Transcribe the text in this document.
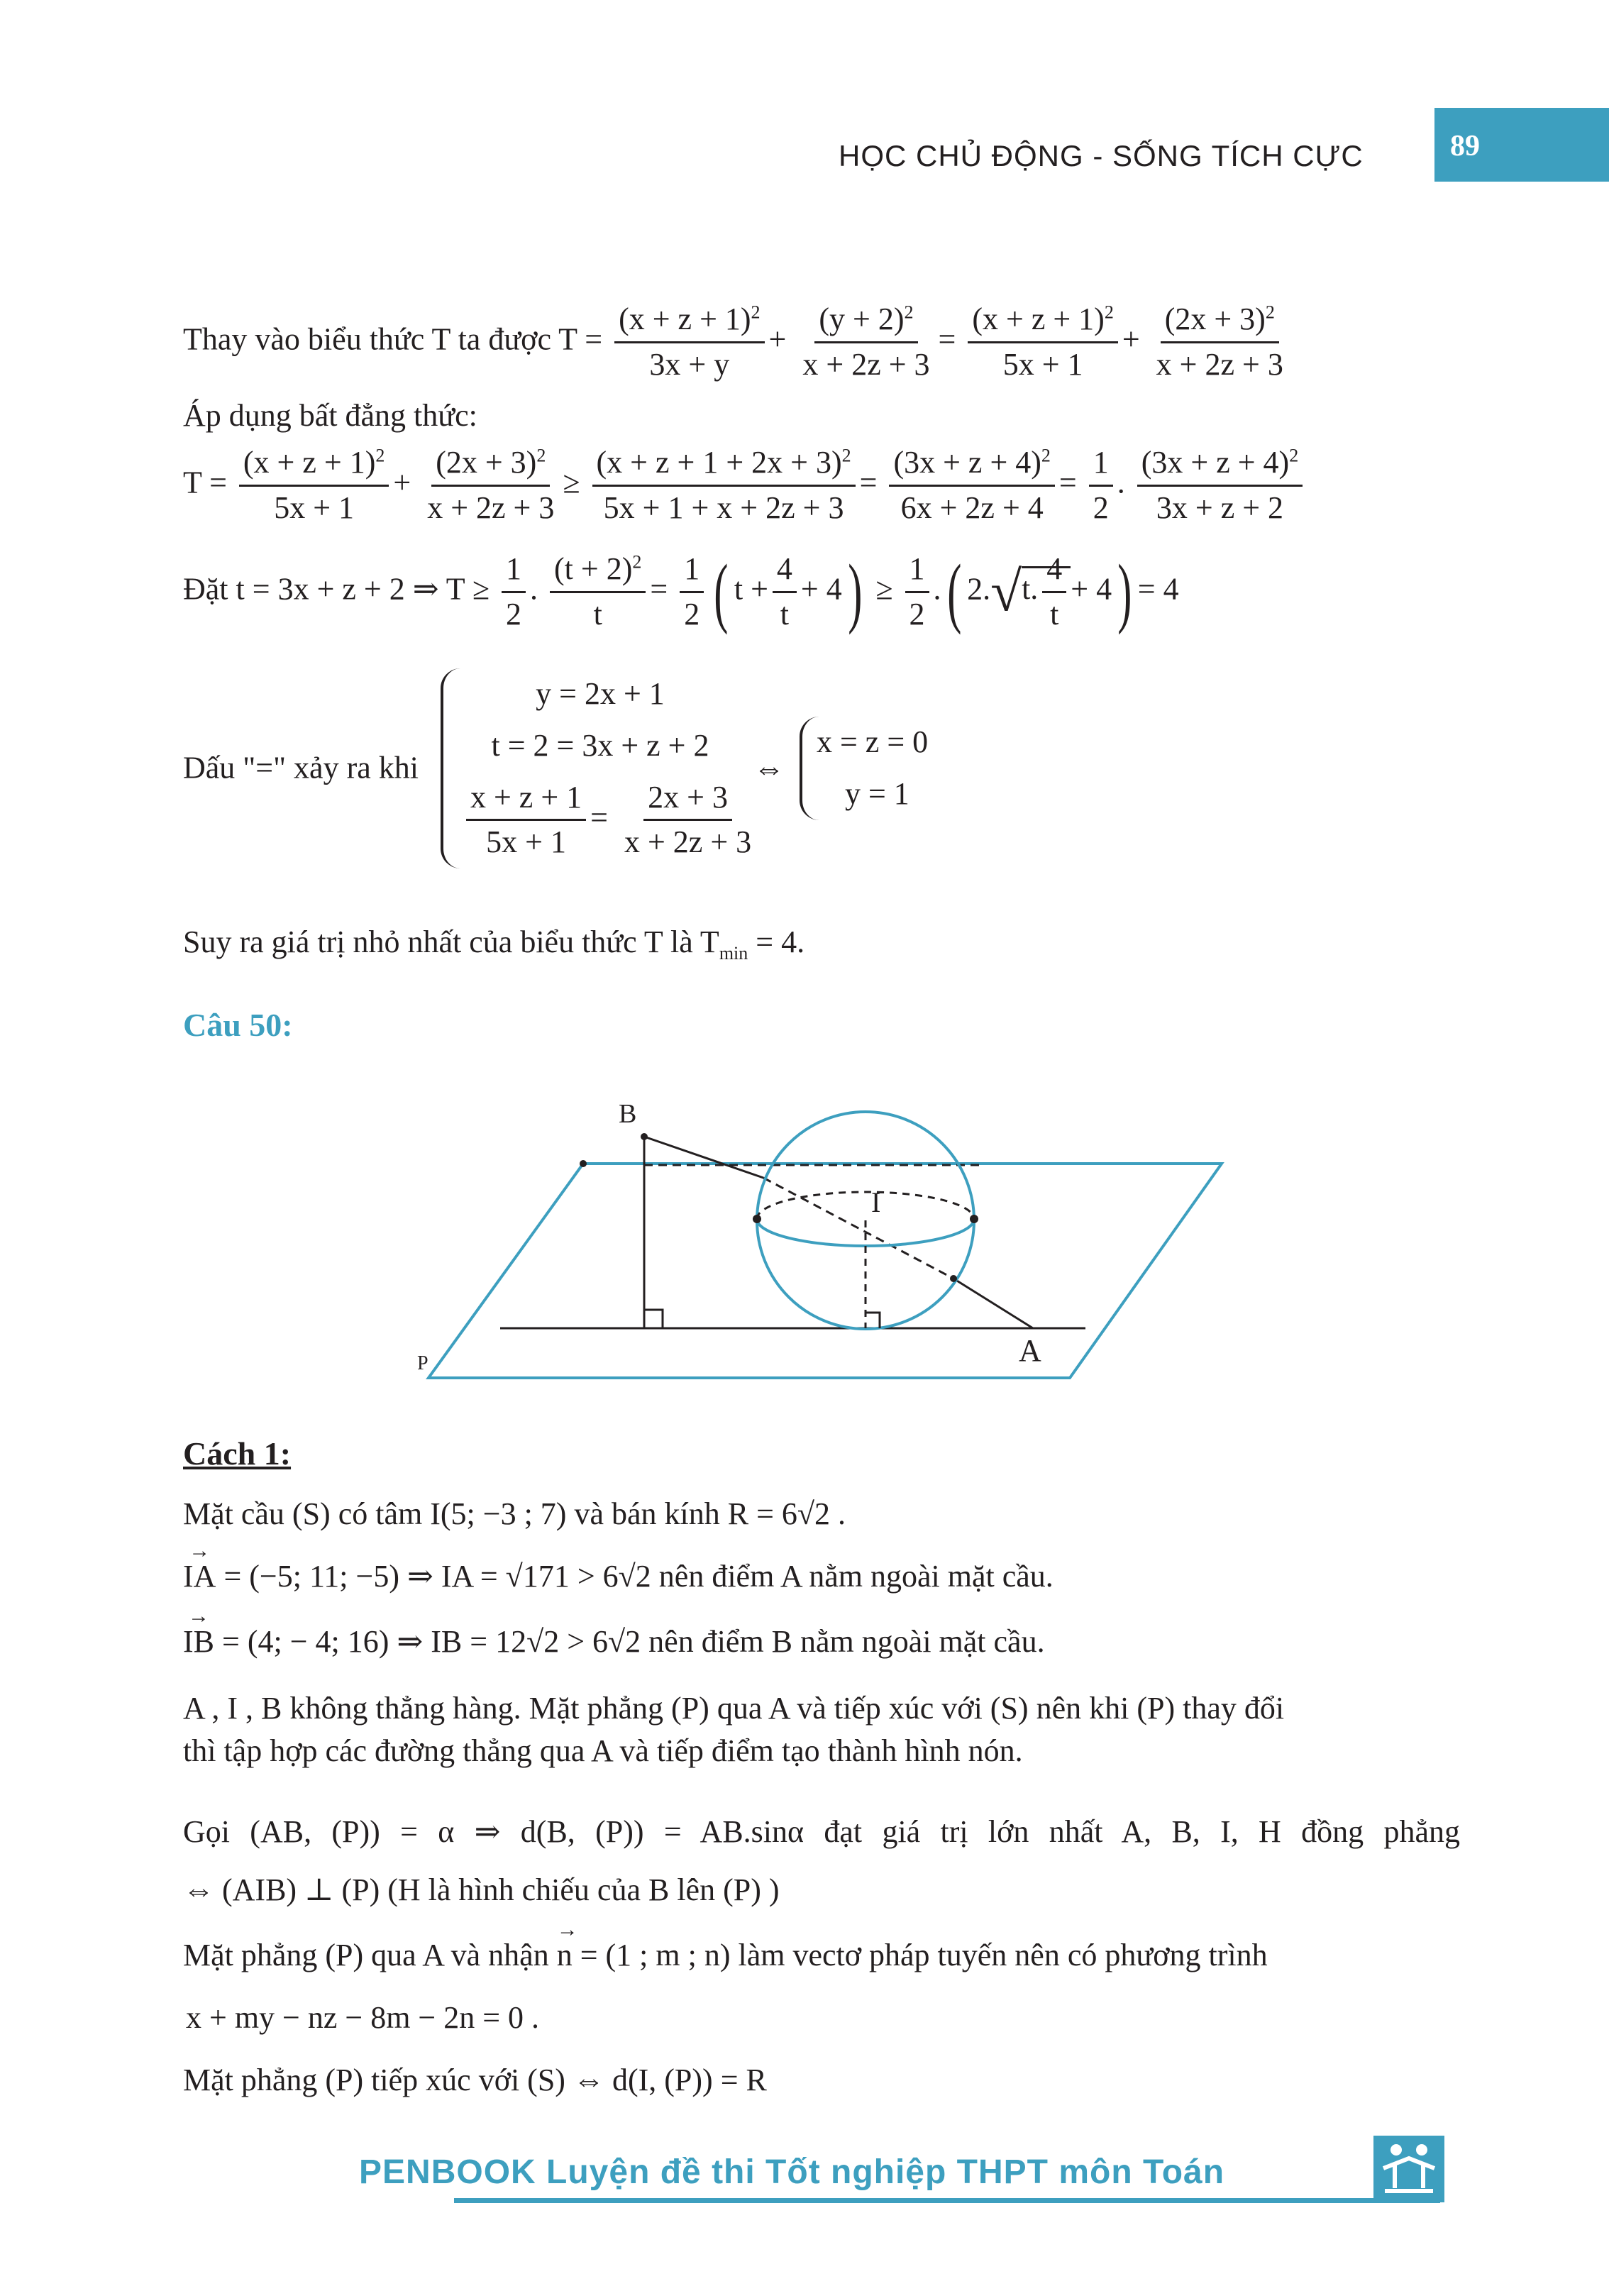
HỌC CHỦ ĐỘNG - SỐNG TÍCH CỰC	89
Thay vào biểu thức T ta được $T = \frac{(x + z + 1)^2}{3x + y} + \frac{(y + 2)^2}{x + 2z + 3} = \frac{(x + z + 1)^2}{5x + 1} + \frac{(2x + 3)^2}{x + 2z + 3}$
Áp dụng bất đẳng thức:
$T = \frac{(x + z + 1)^2}{5x + 1} + \frac{(2x + 3)^2}{x + 2z + 3} \ge \frac{(x + z + 1 + 2x + 3)^2}{5x + 1 + x + 2z + 3} = \frac{(3x + z + 4)^2}{6x + 2z + 4} = \frac{1}{2}$ . $\frac{(3x + z + 4)^2}{3x + z + 2}$
Đặt t = 3x + z + 2 ⇒ $T \ge \frac{1}{2}$ . $\frac{(t + 2)^2}{t} = \frac{1}{2}$ ( $t + \frac{4}{t} + 4) \ge \frac{1}{2}$ .( 2.√t. $\frac{4}{t} + 4) = 4$
Dấu "=" xảy ra khi
y = 2x + 1
t = 2 = 3x + z + 2
$\frac{x + z + 1}{5x + 1} = \frac{2x + 3}{x + 2z + 3}$
⇔
x = z = 0
y = 1
Suy ra giá trị nhỏ nhất của biểu thức T là $T_{min} = 4$.
Câu 50:
B
I
A
P
Cách 1:
Mặt cầu (S) có tâm I(5; −3 ; 7) và bán kính R = 6√2 .
→ IA = (−5; 11; −5) ⇒ IA = √171 > 6√2 nên điểm A nằm ngoài mặt cầu.
→ IB = (4; − 4; 16) ⇒ IB = 12√2 > 6√2 nên điểm B nằm ngoài mặt cầu.
A , I , B không thẳng hàng. Mặt phẳng (P) qua A và tiếp xúc với (S) nên khi (P) thay đổi
thì tập hợp các đường thẳng qua A và tiếp điểm tạo thành hình nón.
Gọi (AB, (P)) = α ⇒ d(B, (P)) = AB.sinα đạt giá trị lớn nhất A, B, I, H đồng phẳng
⇔ (AIB) ⊥ (P) (H là hình chiếu của B lên (P) )
Mặt phẳng (P) qua A và nhận → n = (1 ; m ; n) làm vectơ pháp tuyến nên có phương trình
x + my − nz − 8m − 2n = 0 .
Mặt phẳng (P) tiếp xúc với (S) ⇔ d(I, (P)) = R
PENBOOK Luyện đề thi Tốt nghiệp THPT môn Toán
